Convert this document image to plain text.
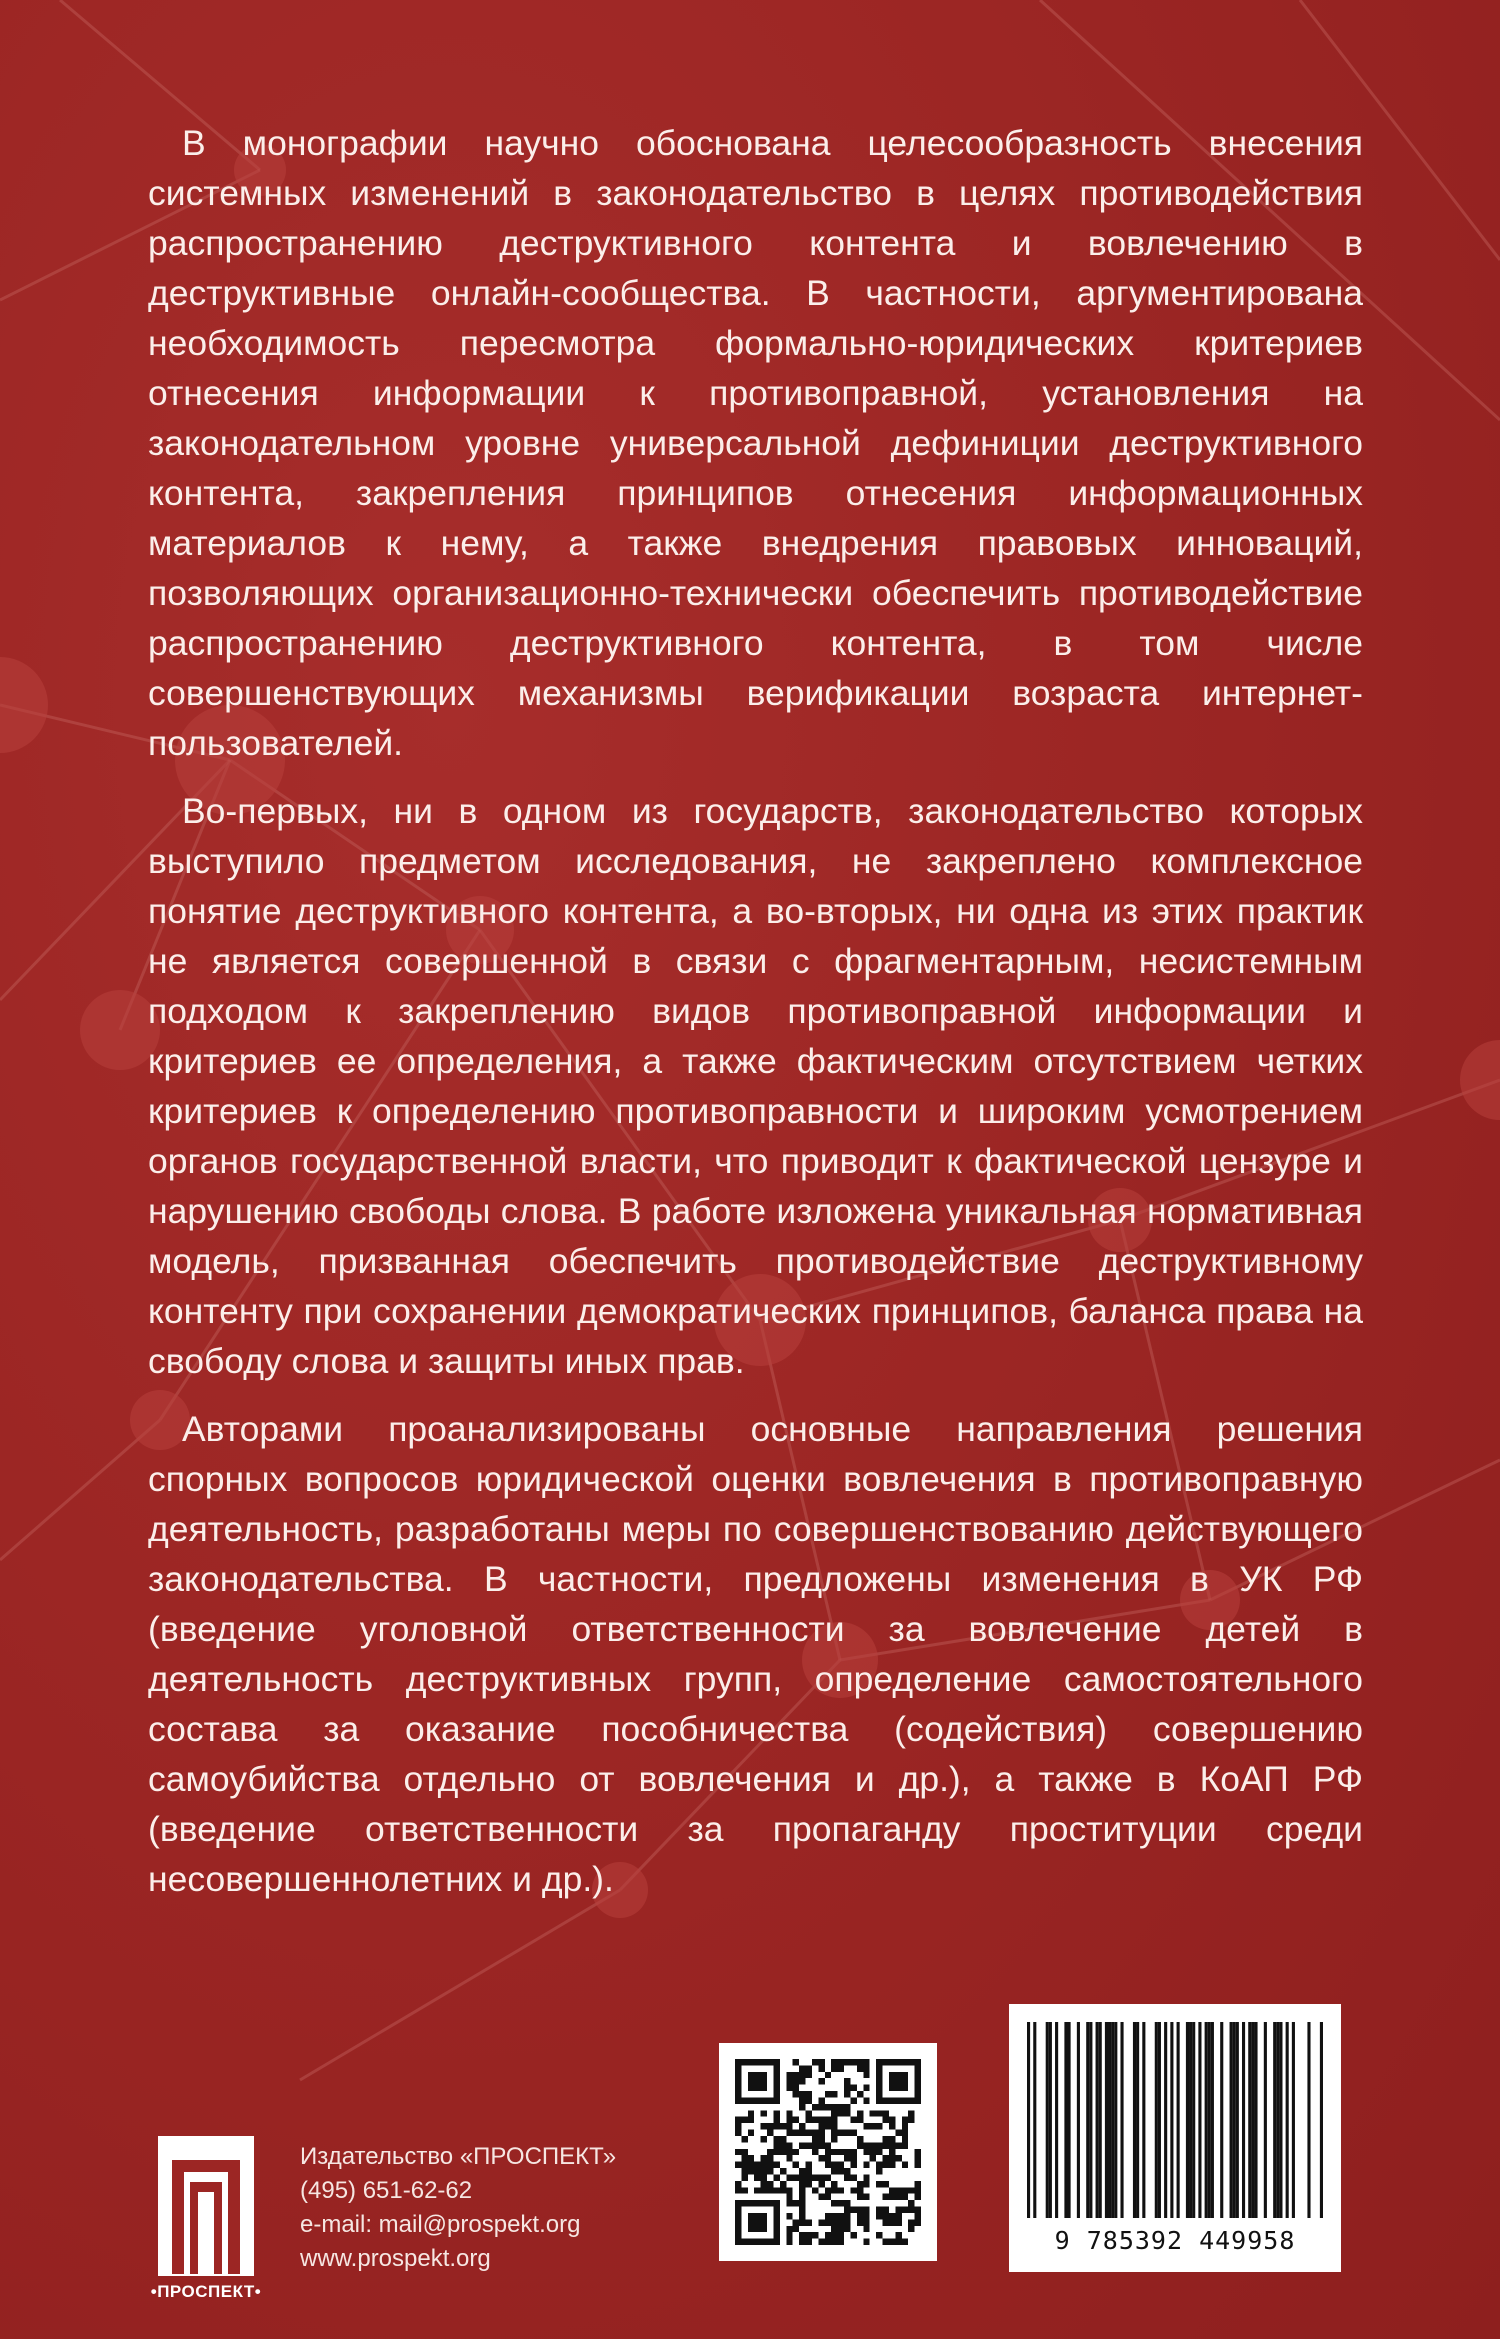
В монографии научно обоснована целесообразность внесения системных изменений в законодательство в целях противодействия распространению деструктивного контента и вовлечению в деструктивные онлайн-сообщества. В частности, аргументирована необходимость пересмотра формально-юридических критериев отнесения информации к противоправной, установления на законодательном уровне универсальной дефиниции деструктивного контента, закрепления принципов отнесения информационных материалов к нему, а также внедрения правовых инноваций, позволяющих организационно-технически обеспечить противодействие распространению деструктивного контента, в том числе совершенствующих механизмы верификации возраста интернет-пользователей.

Во-первых, ни в одном из государств, законодательство которых выступило предметом исследования, не закреплено комплексное понятие деструктивного контента, а во-вторых, ни одна из этих практик не является совершенной в связи с фрагментарным, несистемным подходом к закреплению видов противоправной информации и критериев ее определения, а также фактическим отсутствием четких критериев к определению противоправности и широким усмотрением органов государственной власти, что приводит к фактической цензуре и нарушению свободы слова. В работе изложена уникальная нормативная модель, призванная обеспечить противодействие деструктивному контенту при сохранении демократических принципов, баланса права на свободу слова и защиты иных прав.

Авторами проанализированы основные направления решения спорных вопросов юридической оценки вовлечения в противоправную деятельность, разработаны меры по совершенствованию действующего законодательства. В частности, предложены изменения в УК РФ (введение уголовной ответственности за вовлечение детей в деятельность деструктивных групп, определение самостоятельного состава за оказание пособничества (содействия) совершению самоубийства отдельно от вовлечения и др.), а также в КоАП РФ (введение ответственности за пропаганду проституции среди несовершеннолетних и др.).

•ПРОСПЕКТ•
Издательство «ПРОСПЕКТ»
(495) 651-62-62
e-mail: mail@prospekt.org
www.prospekt.org
9 785392 449958
